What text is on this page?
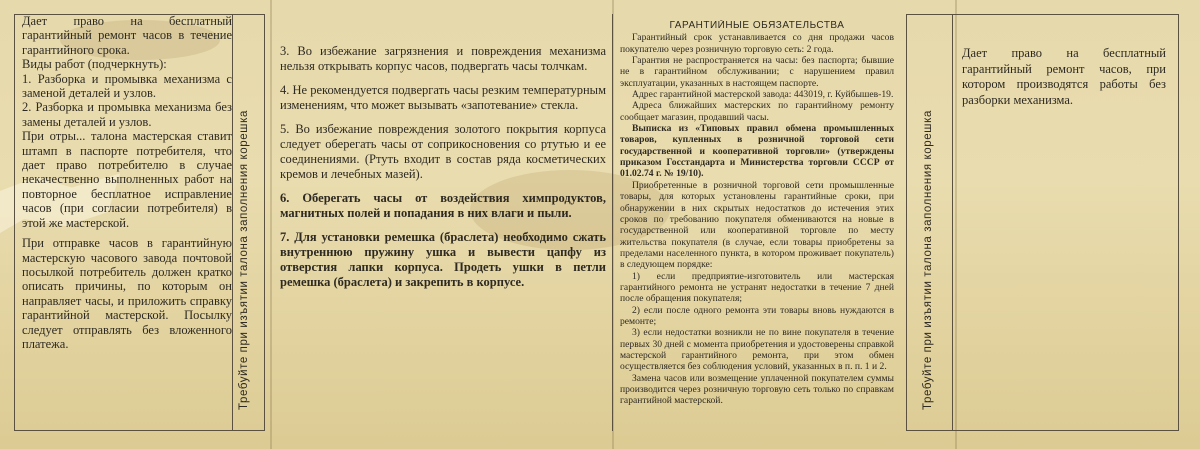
Дает право на бесплатный гарантийный ремонт часов в течение гарантийного срока.

Виды работ (подчеркнуть):

1. Разборка и промывка механизма с заменой деталей и узлов.

2. Разборка и промывка механизма без замены деталей и узлов.

При отры... талона мастерская ставит штамп в паспорте потребителя, что дает право потребителю в случае некачественно выполненных работ на повторное бесплатное исправление часов (при согласии потребителя) в этой же мастерской.

При отправке часов в гарантийную мастерскую часового завода почтовой посылкой потребитель должен кратко описать причины, по которым он направляет часы, и приложить справку гарантийной мастерской. Посылку следует отправлять без вложенного платежа.	Требуйте при изъятии талона заполнения корешка

3. Во избежание загрязнения и повреждения механизма нельзя открывать корпус часов, подвергать часы толчкам.

4. Не рекомендуется подвергать часы резким температурным изменениям, что может вызывать «запотевание» стекла.

5. Во избежание повреждения золотого покрытия корпуса следует оберегать часы от соприкосновения со ртутью и ее соединениями. (Ртуть входит в состав ряда косметических кремов и лечебных мазей).

6. Оберегать часы от воздействия химпродуктов, магнитных полей и попадания в них влаги и пыли.

7. Для установки ремешка (браслета) необходимо сжать внутреннюю пружину ушка и вывести цапфу из отверстия лапки корпуса. Продеть ушки в петли ремешка (браслета) и закрепить в корпусе.

ГАРАНТИЙНЫЕ ОБЯЗАТЕЛЬСТВА

Гарантийный срок устанавливается со дня продажи часов покупателю через розничную торговую сеть: 2 года.

Гарантия не распространяется на часы: без паспорта; бывшие не в гарантийном обслуживании; с нарушением правил эксплуатации, указанных в настоящем паспорте.

Адрес гарантийной мастерской завода: 443019, г. Куйбышев-19.

Адреса ближайших мастерских по гарантийному ремонту сообщает магазин, продавший часы.

Выписка из «Типовых правил обмена промышленных товаров, купленных в розничной торговой сети государственной и кооперативной торговли» (утверждены приказом Госстандарта и Министерства торговли СССР от 01.02.74 г. № 19/10).

Приобретенные в розничной торговой сети промышленные товары, для которых установлены гарантийные сроки, при обнаружении в них скрытых недостатков до истечения этих сроков по требованию покупателя обмениваются на новые в государственной или кооперативной торговле по месту жительства покупателя (в случае, если товары приобретены за пределами населенного пункта, в котором проживает покупатель) в следующем порядке:

1) если предприятие-изготовитель или мастерская гарантийного ремонта не устранят недостатки в течение 7 дней после обращения покупателя;

2) если после одного ремонта эти товары вновь нуждаются в ремонте;

3) если недостатки возникли не по вине покупателя в течение первых 30 дней с момента приобретения и удостоверены справкой мастерской гарантийного ремонта, при этом обмен осуществляется без соблюдения условий, указанных в п. п. 1 и 2.

Замена часов или возмещение уплаченной покупателем суммы производится через розничную торговую сеть только по справкам гарантийной мастерской.	Требуйте при изъятии талона заполнения корешка

Дает право на бесплатный гарантийный ремонт часов, при котором производятся работы без разборки механизма.
